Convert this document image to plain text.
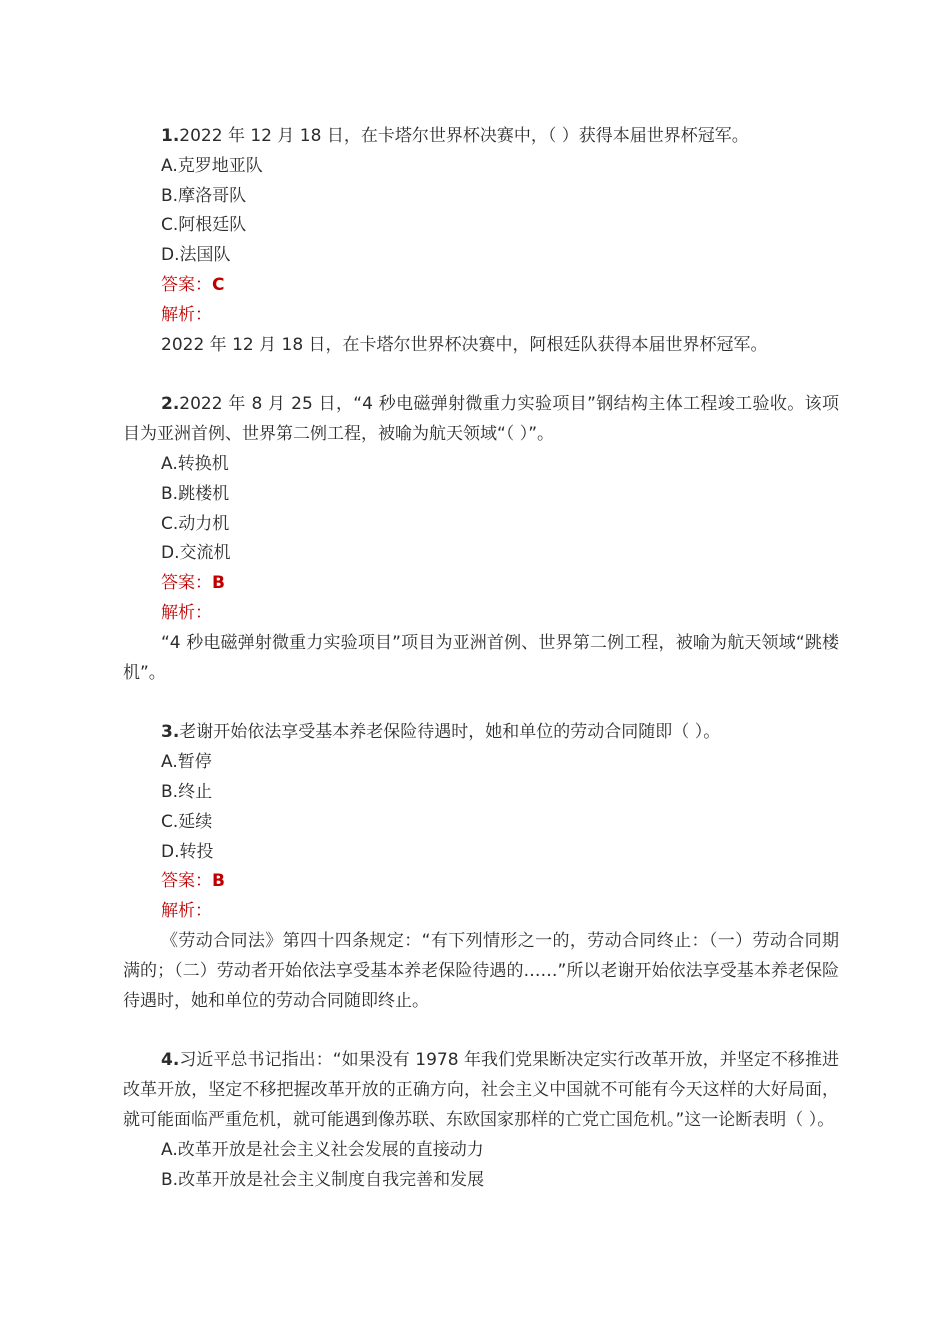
1.2022 年 12 月 18 日，在卡塔尔世界杯决赛中，（ ）获得本届世界杯冠军。

A.克罗地亚队

B.摩洛哥队

C.阿根廷队

D.法国队

答案：C

解析：

2022 年 12 月 18 日，在卡塔尔世界杯决赛中，阿根廷队获得本届世界杯冠军。

2.2022 年 8 月 25 日，“4 秒电磁弹射微重力实验项目”钢结构主体工程竣工验收。该项目为亚洲首例、世界第二例工程，被喻为航天领域“（ ）”。

A.转换机

B.跳楼机

C.动力机

D.交流机

答案：B

解析：

“4 秒电磁弹射微重力实验项目”项目为亚洲首例、世界第二例工程，被喻为航天领域“跳楼机”。

3.老谢开始依法享受基本养老保险待遇时，她和单位的劳动合同随即（ ）。

A.暂停

B.终止

C.延续

D.转投

答案：B

解析：

《劳动合同法》第四十四条规定：“有下列情形之一的，劳动合同终止：（一）劳动合同期满的；（二）劳动者开始依法享受基本养老保险待遇的……”所以老谢开始依法享受基本养老保险待遇时，她和单位的劳动合同随即终止。

4.习近平总书记指出：“如果没有 1978 年我们党果断决定实行改革开放，并坚定不移推进改革开放，坚定不移把握改革开放的正确方向，社会主义中国就不可能有今天这样的大好局面，就可能面临严重危机，就可能遇到像苏联、东欧国家那样的亡党亡国危机。”这一论断表明（ ）。

A.改革开放是社会主义社会发展的直接动力

B.改革开放是社会主义制度自我完善和发展
